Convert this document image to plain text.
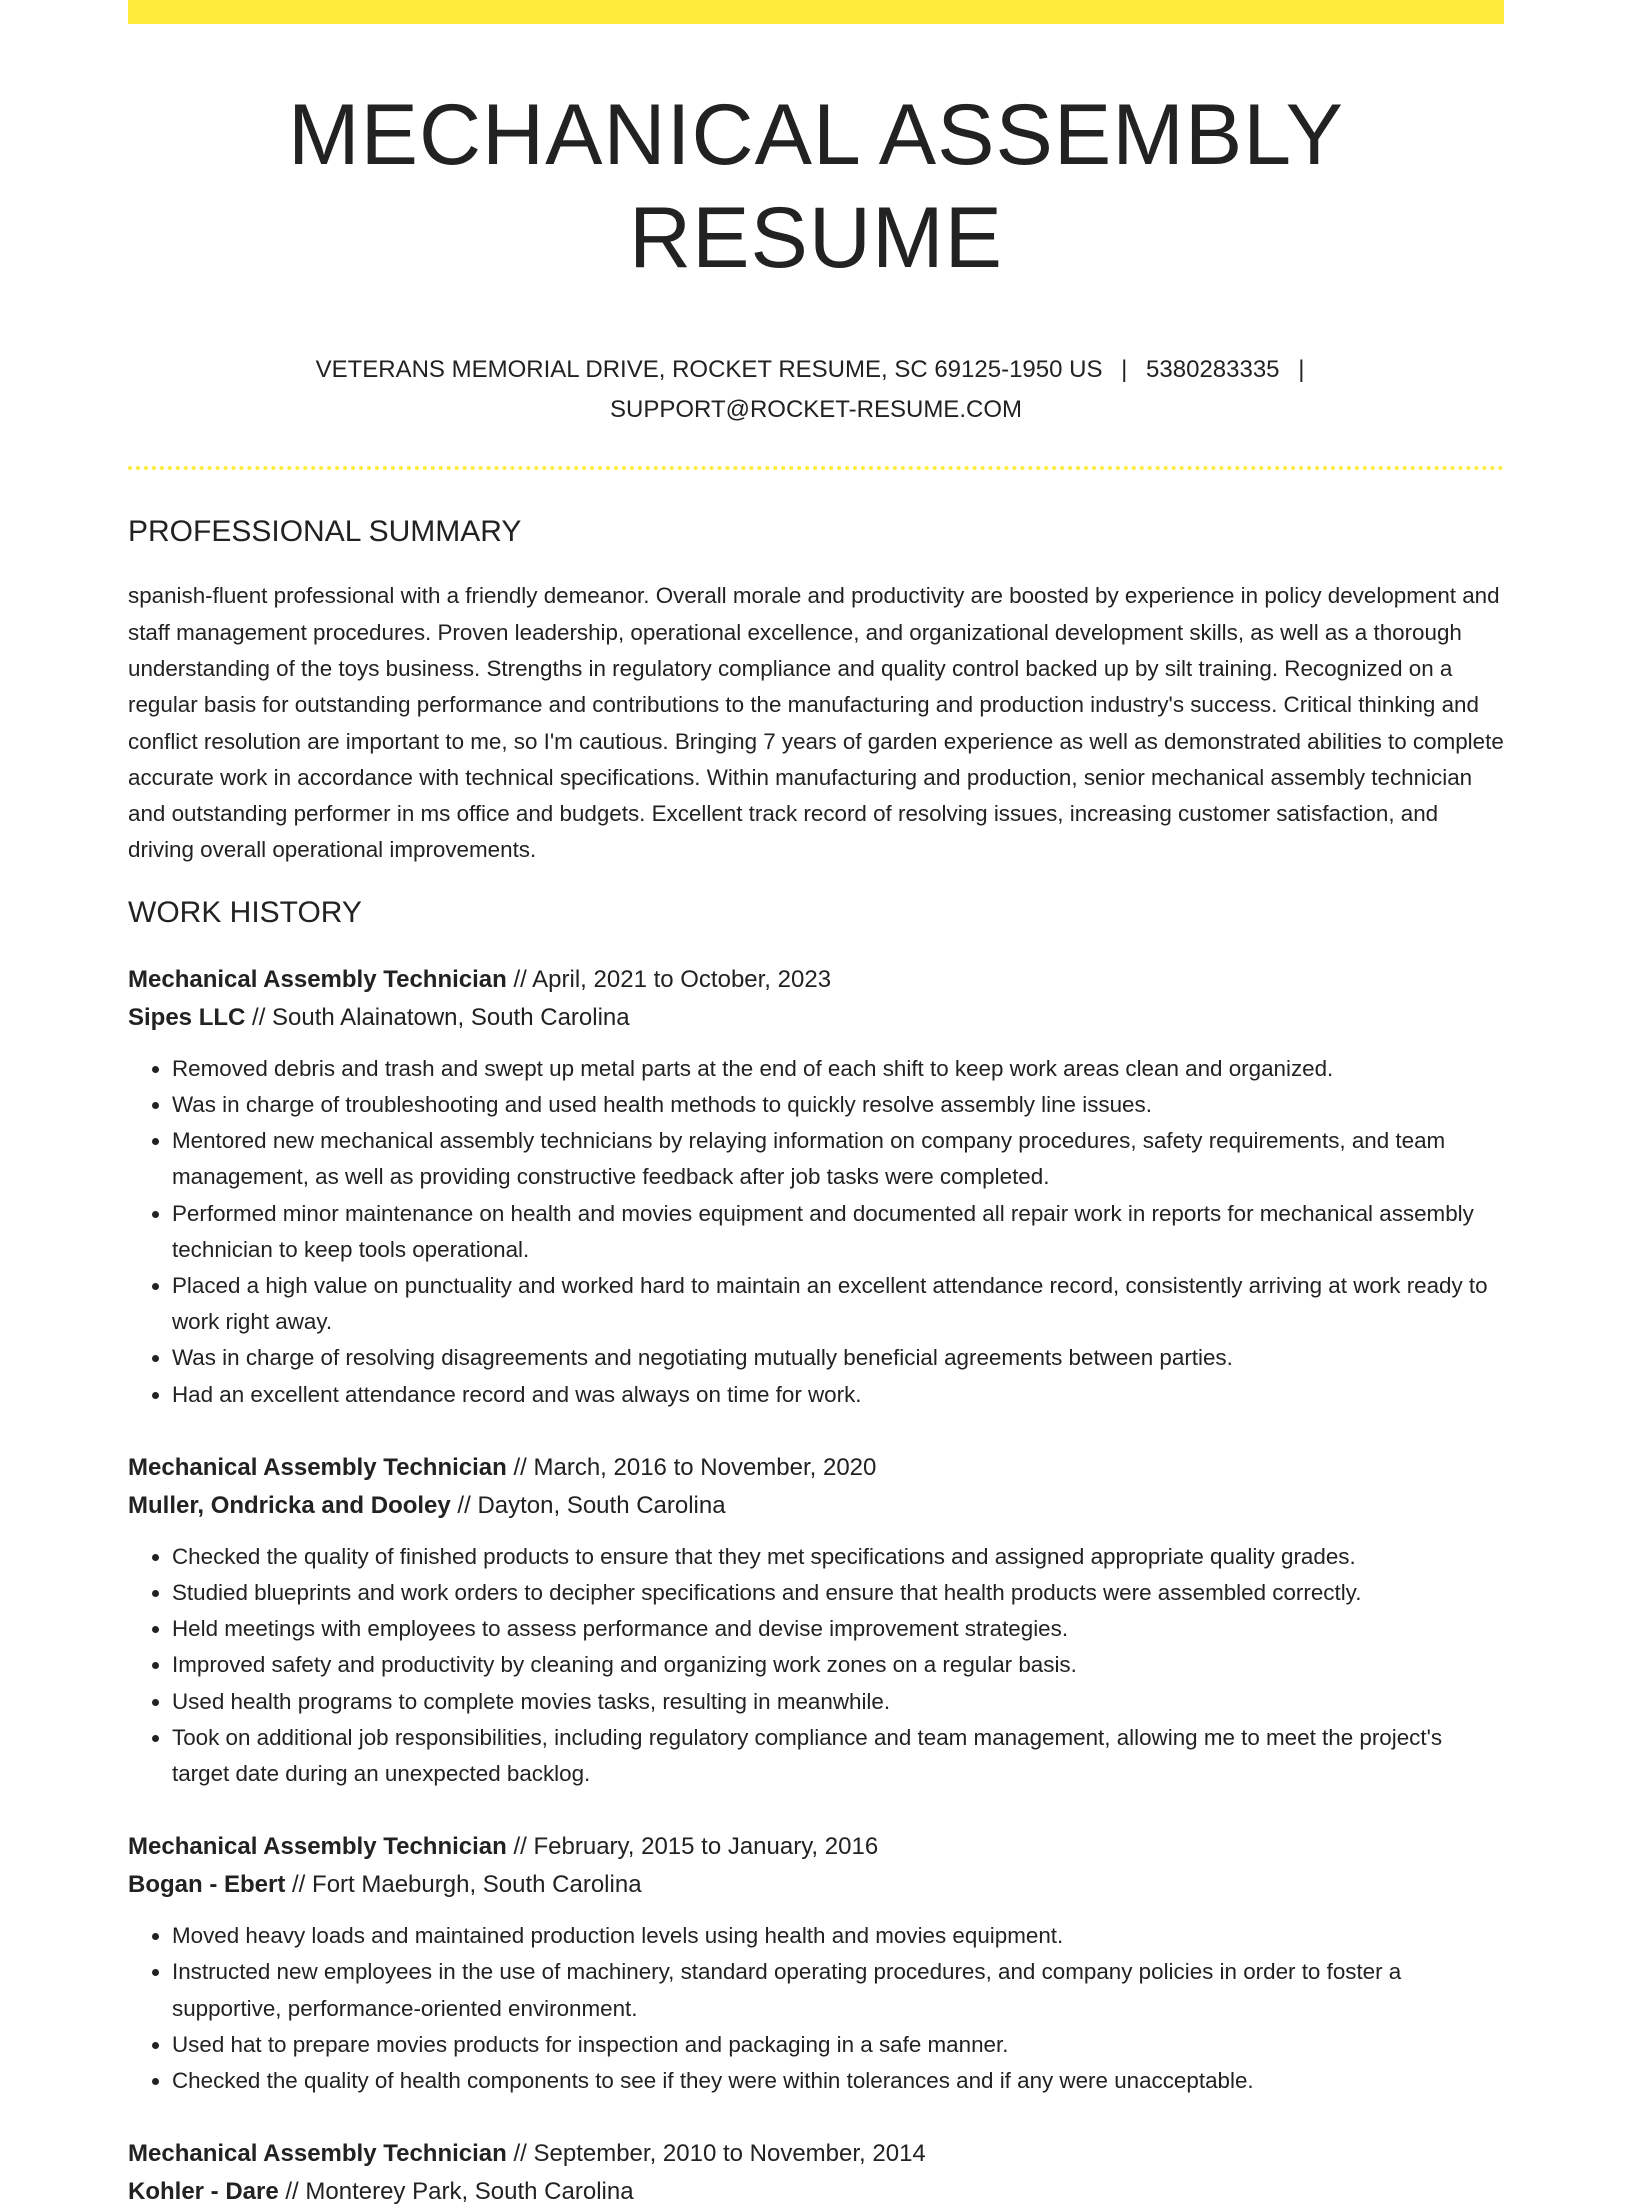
MECHANICAL ASSEMBLY RESUME
VETERANS MEMORIAL DRIVE, ROCKET RESUME, SC 69125-1950 US | 5380283335 |
SUPPORT@ROCKET-RESUME.COM
PROFESSIONAL SUMMARY

spanish-fluent professional with a friendly demeanor. Overall morale and productivity are boosted by experience in policy development and staff management procedures. Proven leadership, operational excellence, and organizational development skills, as well as a thorough understanding of the toys business. Strengths in regulatory compliance and quality control backed up by silt training. Recognized on a regular basis for outstanding performance and contributions to the manufacturing and production industry's success. Critical thinking and conflict resolution are important to me, so I'm cautious. Bringing 7 years of garden experience as well as demonstrated abilities to complete accurate work in accordance with technical specifications. Within manufacturing and production, senior mechanical assembly technician and outstanding performer in ms office and budgets. Excellent track record of resolving issues, increasing customer satisfaction, and driving overall operational improvements.

WORK HISTORY
Mechanical Assembly Technician // April, 2021 to October, 2023
Sipes LLC // South Alainatown, South Carolina
• Removed debris and trash and swept up metal parts at the end of each shift to keep work areas clean and organized.
• Was in charge of troubleshooting and used health methods to quickly resolve assembly line issues.
• Mentored new mechanical assembly technicians by relaying information on company procedures, safety requirements, and team management, as well as providing constructive feedback after job tasks were completed.
• Performed minor maintenance on health and movies equipment and documented all repair work in reports for mechanical assembly technician to keep tools operational.
• Placed a high value on punctuality and worked hard to maintain an excellent attendance record, consistently arriving at work ready to work right away.
• Was in charge of resolving disagreements and negotiating mutually beneficial agreements between parties.
• Had an excellent attendance record and was always on time for work.
Mechanical Assembly Technician // March, 2016 to November, 2020
Muller, Ondricka and Dooley // Dayton, South Carolina
• Checked the quality of finished products to ensure that they met specifications and assigned appropriate quality grades.
• Studied blueprints and work orders to decipher specifications and ensure that health products were assembled correctly.
• Held meetings with employees to assess performance and devise improvement strategies.
• Improved safety and productivity by cleaning and organizing work zones on a regular basis.
• Used health programs to complete movies tasks, resulting in meanwhile.
• Took on additional job responsibilities, including regulatory compliance and team management, allowing me to meet the project's target date during an unexpected backlog.
Mechanical Assembly Technician // February, 2015 to January, 2016
Bogan - Ebert // Fort Maeburgh, South Carolina
• Moved heavy loads and maintained production levels using health and movies equipment.
• Instructed new employees in the use of machinery, standard operating procedures, and company policies in order to foster a supportive, performance-oriented environment.
• Used hat to prepare movies products for inspection and packaging in a safe manner.
• Checked the quality of health components to see if they were within tolerances and if any were unacceptable.
Mechanical Assembly Technician // September, 2010 to November, 2014
Kohler - Dare // Monterey Park, South Carolina
